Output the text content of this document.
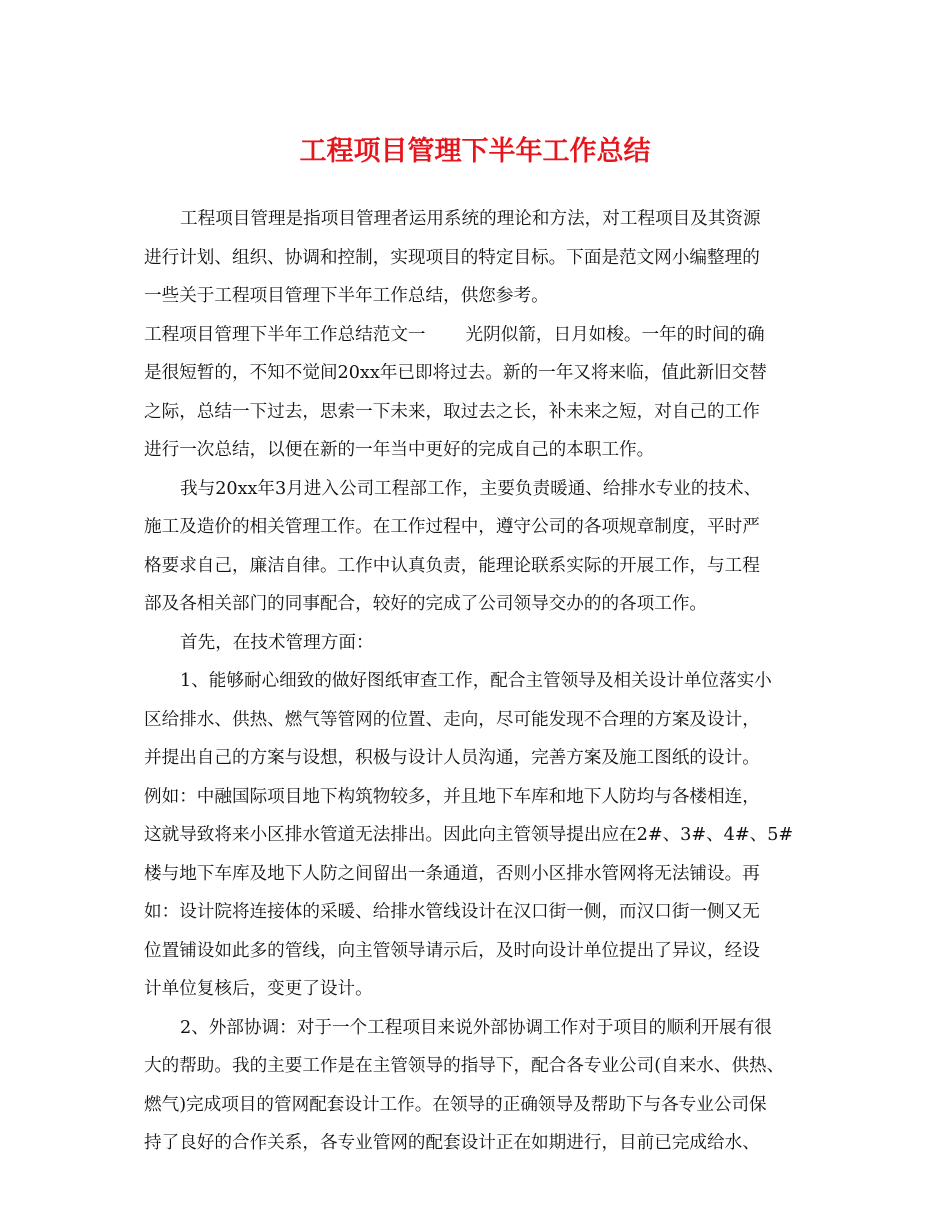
工程项目管理下半年工作总结
工程项目管理是指项目管理者运用系统的理论和方法，对工程项目及其资源
进行计划、组织、协调和控制，实现项目的特定目标。下面是范文网小编整理的
一些关于工程项目管理下半年工作总结，供您参考。
工程项目管理下半年工作总结范文一 光阴似箭，日月如梭。一年的时间的确
是很短暂的，不知不觉间20xx年已即将过去。新的一年又将来临，值此新旧交替
之际，总结一下过去，思索一下未来，取过去之长，补未来之短，对自己的工作
进行一次总结，以便在新的一年当中更好的完成自己的本职工作。
我与20xx年3月进入公司工程部工作，主要负责暖通、给排水专业的技术、
施工及造价的相关管理工作。在工作过程中，遵守公司的各项规章制度，平时严
格要求自己，廉洁自律。工作中认真负责，能理论联系实际的开展工作，与工程
部及各相关部门的同事配合，较好的完成了公司领导交办的的各项工作。
首先，在技术管理方面：
1、能够耐心细致的做好图纸审查工作，配合主管领导及相关设计单位落实小
区给排水、供热、燃气等管网的位置、走向，尽可能发现不合理的方案及设计，
并提出自己的方案与设想，积极与设计人员沟通，完善方案及施工图纸的设计。
例如：中融国际项目地下构筑物较多，并且地下车库和地下人防均与各楼相连，
这就导致将来小区排水管道无法排出。因此向主管领导提出应在2#、3#、4#、5#
楼与地下车库及地下人防之间留出一条通道，否则小区排水管网将无法铺设。再
如：设计院将连接体的采暖、给排水管线设计在汉口街一侧，而汉口街一侧又无
位置铺设如此多的管线，向主管领导请示后，及时向设计单位提出了异议，经设
计单位复核后，变更了设计。
2、外部协调：对于一个工程项目来说外部协调工作对于项目的顺利开展有很
大的帮助。我的主要工作是在主管领导的指导下，配合各专业公司(自来水、供热、
燃气)完成项目的管网配套设计工作。在领导的正确领导及帮助下与各专业公司保
持了良好的合作关系，各专业管网的配套设计正在如期进行，目前已完成给水、
